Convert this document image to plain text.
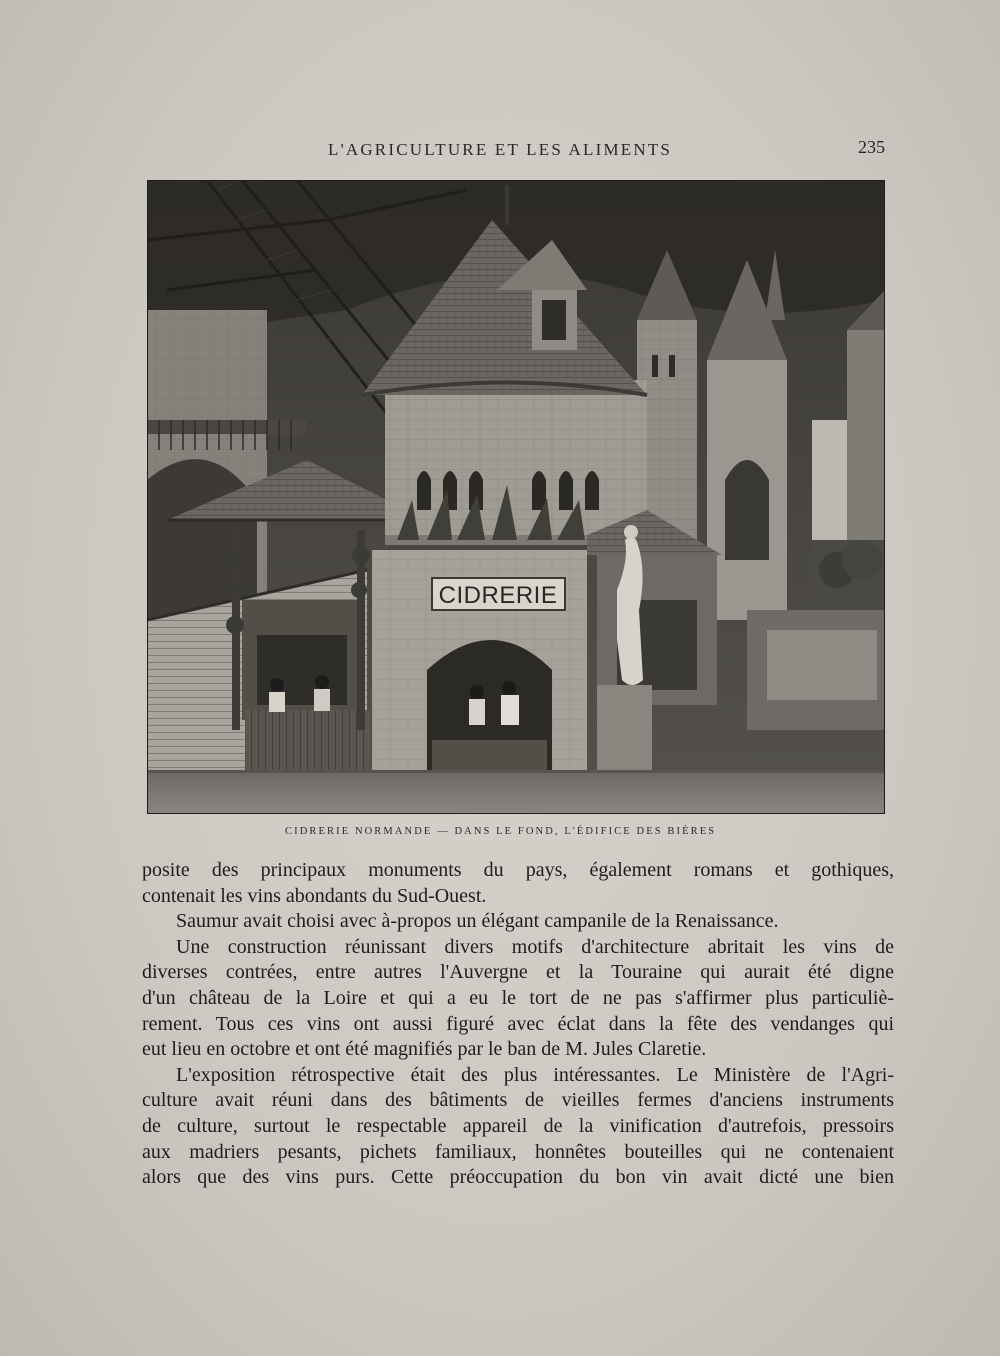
L'AGRICULTURE ET LES ALIMENTS	235
CIDRERIE
CIDRERIE NORMANDE — DANS LE FOND, L'ÉDIFICE DES BIÈRES

posite des principaux monuments du pays, également romans et gothiques,
contenait les vins abondants du Sud-Ouest.

Saumur avait choisi avec à-propos un élégant campanile de la Renaissance.

Une construction réunissant divers motifs d'architecture abritait les vins de
diverses contrées, entre autres l'Auvergne et la Touraine qui aurait été digne
d'un château de la Loire et qui a eu le tort de ne pas s'affirmer plus particuliè-
rement. Tous ces vins ont aussi figuré avec éclat dans la fête des vendanges qui
eut lieu en octobre et ont été magnifiés par le ban de M. Jules Claretie.

L'exposition rétrospective était des plus intéressantes. Le Ministère de l'Agri-
culture avait réuni dans des bâtiments de vieilles fermes d'anciens instruments
de culture, surtout le respectable appareil de la vinification d'autrefois, pressoirs
aux madriers pesants, pichets familiaux, honnêtes bouteilles qui ne contenaient
alors que des vins purs. Cette préoccupation du bon vin avait dicté une bien
